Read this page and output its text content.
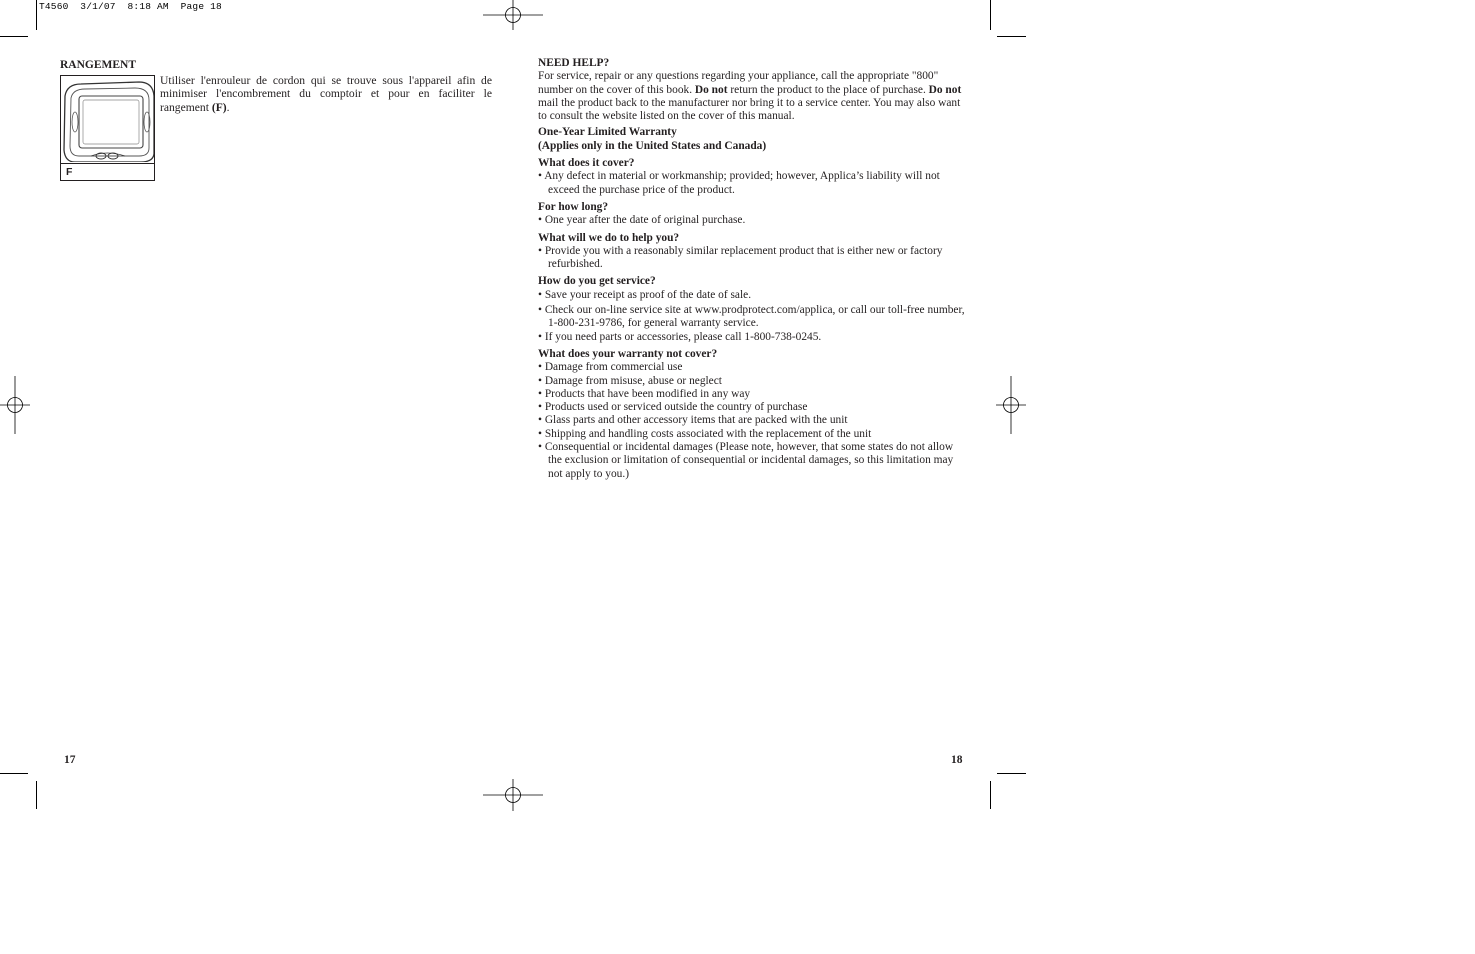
T4560  3/1/07  8:18 AM  Page 18
RANGEMENT
F
Utiliser l'enrouleur de cordon qui se trouve sous l'appareil afin de minimiser l'encombrement du comptoir et pour en faciliter le rangement (F).
17
NEED HELP?

For service, repair or any questions regarding your appliance, call the appropriate "800" number on the cover of this book. Do not return the product to the place of purchase. Do not mail the product back to the manufacturer nor bring it to a service center. You may also want to consult the website listed on the cover of this manual.

One-Year Limited Warranty
(Applies only in the United States and Canada)
What does it cover?

• Any defect in material or workmanship; provided; however, Applica’s liability will not exceed the purchase price of the product.

For how long?

• One year after the date of original purchase.

What will we do to help you?

• Provide you with a reasonably similar replacement product that is either new or factory refurbished.

How do you get service?

• Save your receipt as proof of the date of sale.

• Check our on-line service site at www.prodprotect.com/applica, or call our toll-free number, 1-800-231-9786, for general warranty service.

• If you need parts or accessories, please call 1-800-738-0245.

What does your warranty not cover?

• Damage from commercial use

• Damage from misuse, abuse or neglect

• Products that have been modified in any way

• Products used or serviced outside the country of purchase

• Glass parts and other accessory items that are packed with the unit

• Shipping and handling costs associated with the replacement of the unit

• Consequential or incidental damages (Please note, however, that some states do not allow the exclusion or limitation of consequential or incidental damages, so this limitation may not apply to you.)

18
